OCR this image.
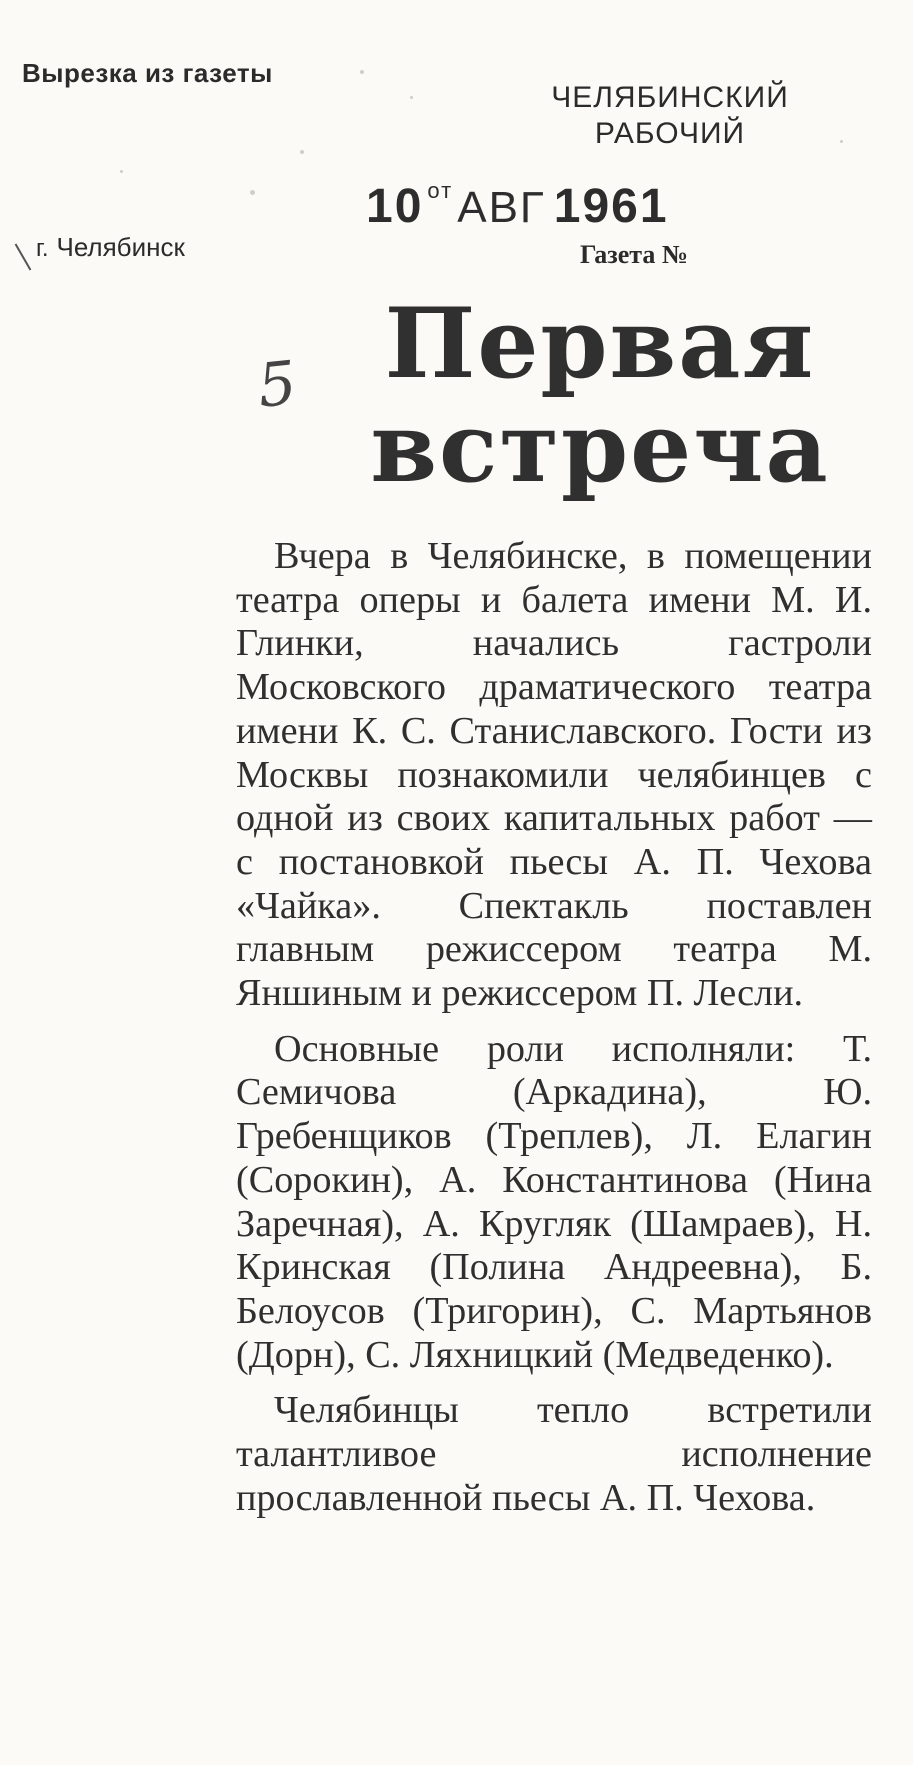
Вырезка из газеты
г. Челябинск
ЧЕЛЯБИНСКИЙ
РАБОЧИЙ
10 $^{от}$АВГ 1961
Газета №
5 Первая
встреча

Вчера в Челябинске, в помещении театра оперы и балета имени М. И. Глинки, начались гастроли Московского драматического театра имени К. С. Станиславского. Гости из Москвы познакомили челябинцев с одной из своих капитальных работ — с постановкой пьесы А. П. Чехова «Чайка». Спектакль поставлен главным режиссером театра М. Яншиным и режиссером П. Лесли.

Основные роли исполняли: Т. Семичова (Аркадина), Ю. Гребенщиков (Треплев), Л. Елагин (Сорокин), А. Константинова (Нина Заречная), А. Кругляк (Шамраев), Н. Кринская (Полина Андреевна), Б. Белоусов (Тригорин), С. Мартьянов (Дорн), С. Ляхницкий (Медведенко).

Челябинцы тепло встретили талантливое исполнение прославленной пьесы А. П. Чехова.
